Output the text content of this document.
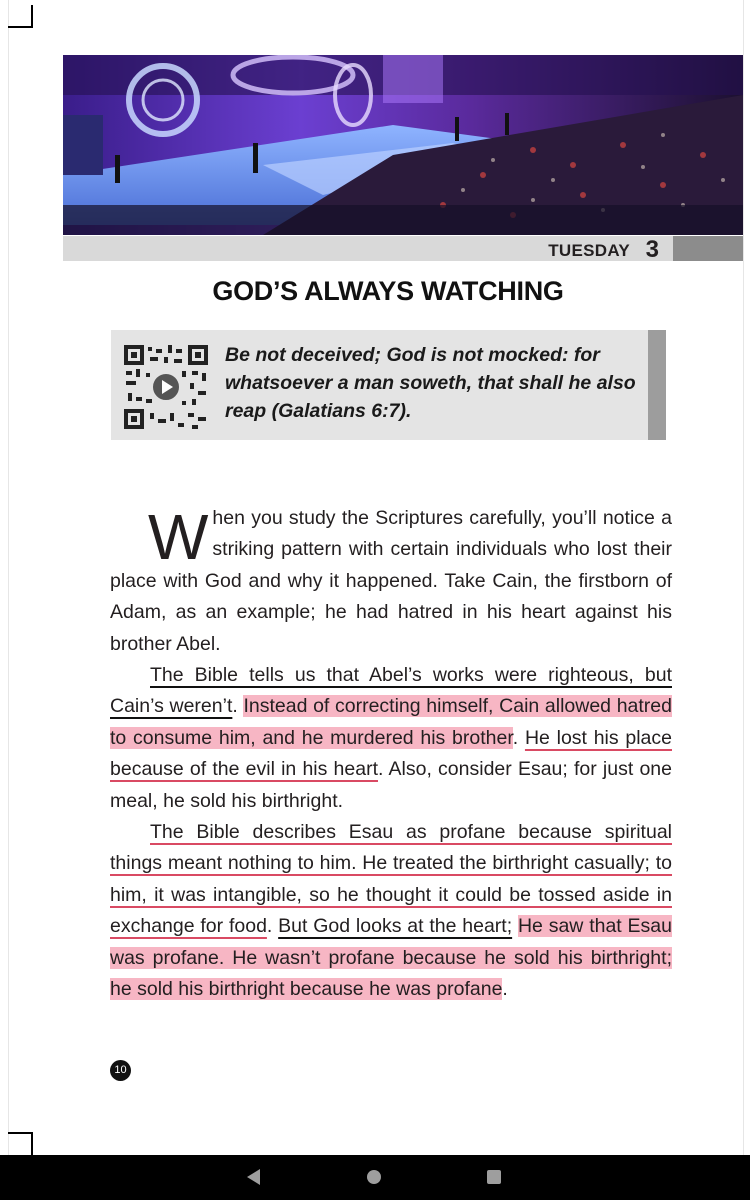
TUESDAY 3
GOD’S ALWAYS WATCHING
Be not deceived; God is not mocked: for whatsoever a man soweth, that shall he also reap (Galatians 6:7).

When you study the Scriptures carefully, you’ll notice a striking pattern with certain individuals who lost their place with God and why it happened. Take Cain, the firstborn of Adam, as an example; he had hatred in his heart against his brother Abel.

The Bible tells us that Abel’s works were righteous, but Cain’s weren’t. Instead of correcting himself, Cain allowed hatred to consume him, and he murdered his brother. He lost his place because of the evil in his heart. Also, consider Esau; for just one meal, he sold his birthright.

The Bible describes Esau as profane because spiritual things meant nothing to him. He treated the birthright casually; to him, it was intangible, so he thought it could be tossed aside in exchange for food. But God looks at the heart; He saw that Esau was profane. He wasn’t profane because he sold his birthright; he sold his birthright because he was profane.

10
